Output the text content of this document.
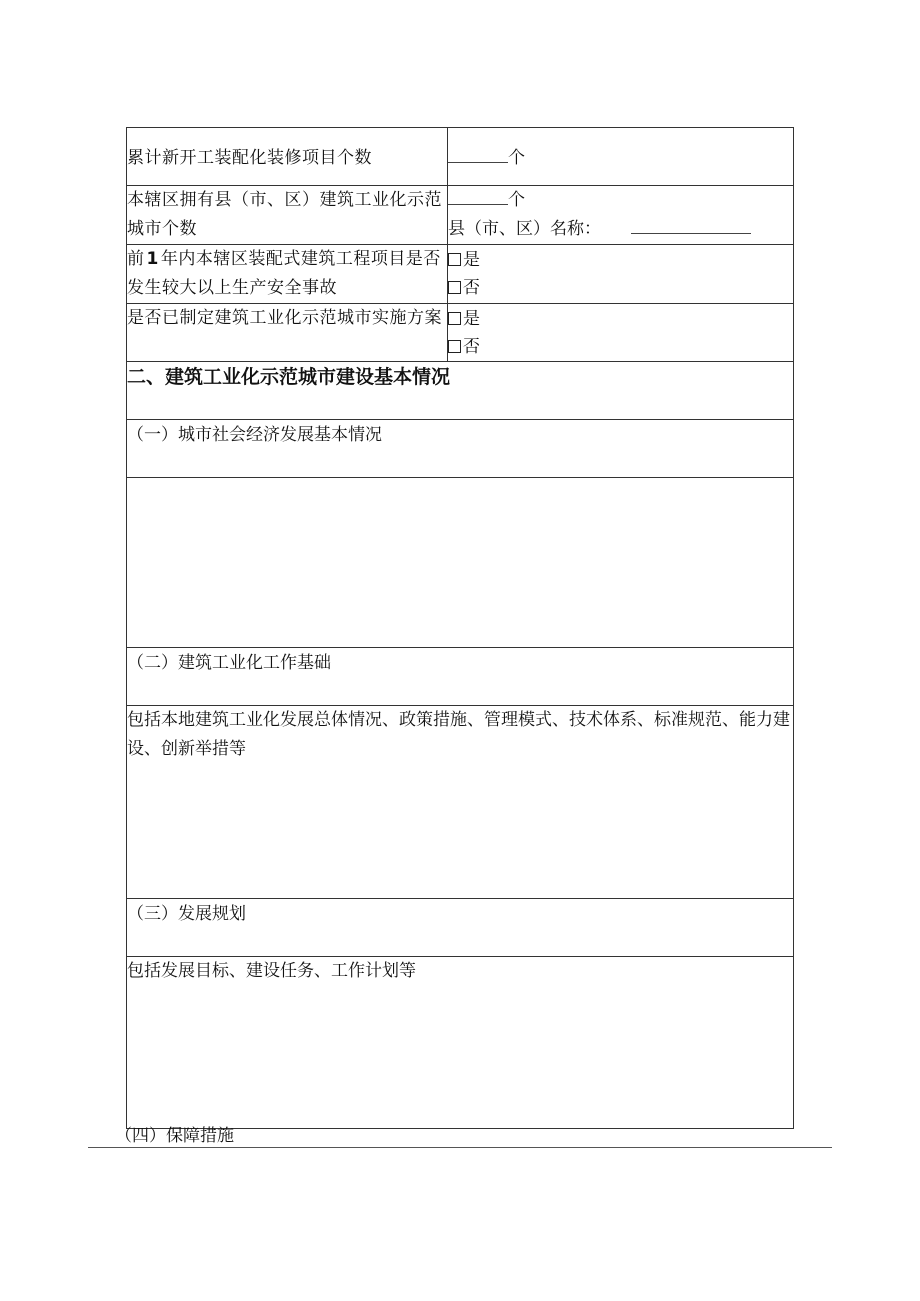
累计新开工装配化装修项目个数	个
本辖区拥有县（市、区）建筑工业化示范城市个数	个
县（市、区）名称：

前 1 年内本辖区装配式建筑工程项目是否发生较大以上生产安全事故	是
否

是否已制定建筑工业化示范城市实施方案	是
否

二、建筑工业化示范城市建设基本情况	
（一）城市社会经济发展基本情况	

（二）建筑工业化工作基础	
包括本地建筑工业化发展总体情况、政策措施、管理模式、技术体系、标准规范、能力建设、创新举措等	
（三）发展规划	
包括发展目标、建设任务、工作计划等	
（四）保障措施
